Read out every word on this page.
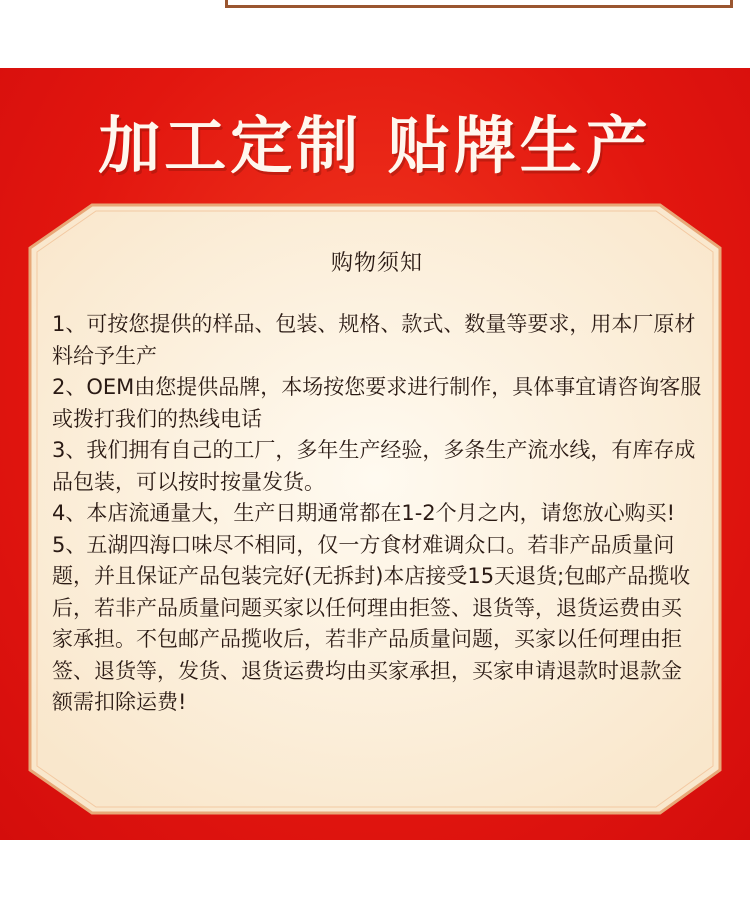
加工定制 贴牌生产
购物须知
1、可按您提供的样品、包装、规格、款式、数量等要求，用本厂原材料给予生产
2、OEM由您提供品牌，本场按您要求进行制作，具体事宜请咨询客服或拨打我们的热线电话
3、我们拥有自己的工厂，多年生产经验，多条生产流水线，有库存成品包装，可以按时按量发货。
4、本店流通量大，生产日期通常都在1-2个月之内，请您放心购买!
5、五湖四海口味尽不相同，仅一方食材难调众口。若非产品质量问题，并且保证产品包装完好(无拆封)本店接受15天退货;包邮产品揽收后，若非产品质量问题买家以任何理由拒签、退货等，退货运费由买家承担。不包邮产品揽收后，若非产品质量问题，买家以任何理由拒签、退货等，发货、退货运费均由买家承担，买家申请退款时退款金额需扣除运费!
